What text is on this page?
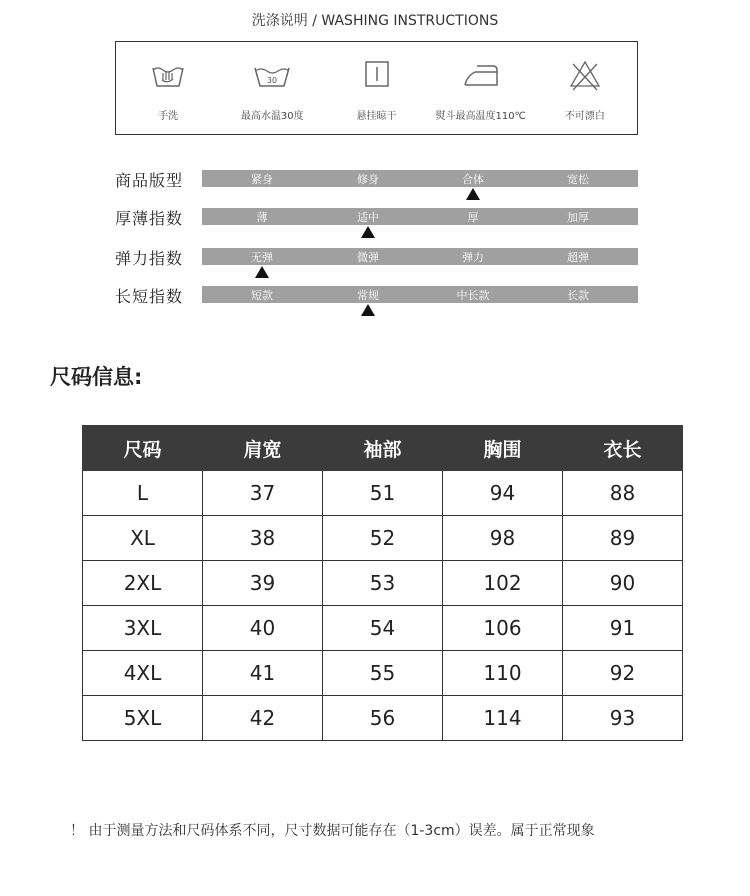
洗涤说明 / WASHING INSTRUCTIONS
手洗
30
最高水温30度	悬挂晾干	熨斗最高温度110℃	不可漂白
商品版型	紧身	修身	合体	宽松
厚薄指数	薄	适中	厚	加厚
弹力指数	无弹	微弹	弹力	超弹
长短指数	短款	常规	中长款	长款
尺码信息:
尺码	肩宽	袖部	胸围	衣长
L	37	51	94	88
XL	38	52	98	89
2XL	39	53	102	90
3XL	40	54	106	91
4XL	41	55	110	92
5XL	42	56	114	93
！ 由于测量方法和尺码体系不同，尺寸数据可能存在（1-3cm）误差。属于正常现象
